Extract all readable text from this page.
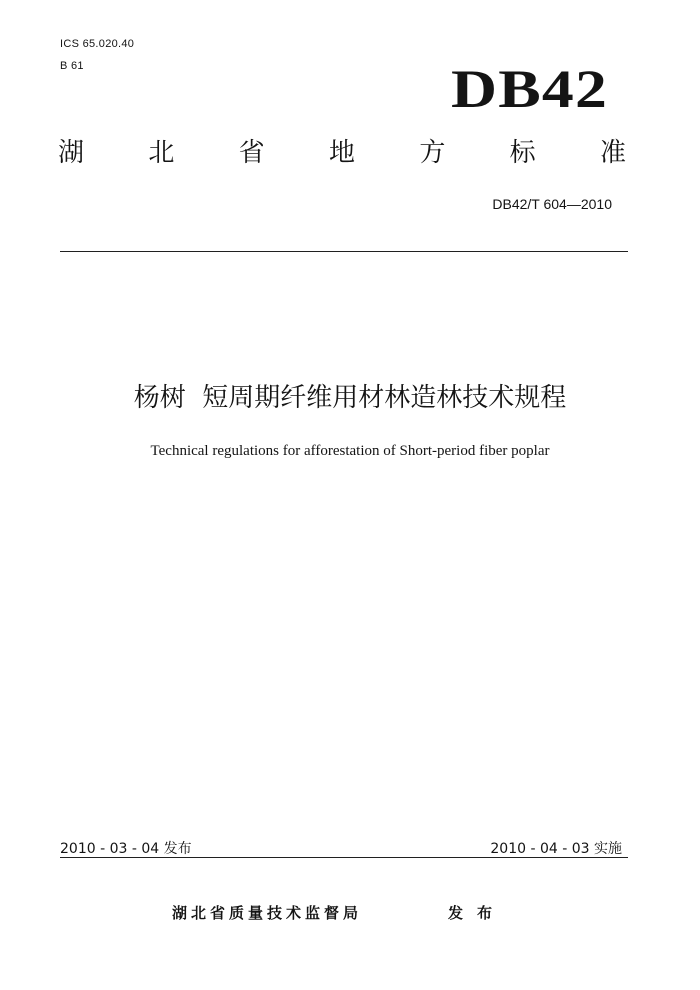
ICS 65.020.40
B 61	DB42
湖 北 省 地 方 标 准
DB42/T 604—2010
杨树  短周期纤维用材林造林技术规程
Technical regulations for afforestation of Short-period fiber poplar
2010 - 03 - 04 发布	2010 - 04 - 03 实施
湖北省质量技术监督局	发布
